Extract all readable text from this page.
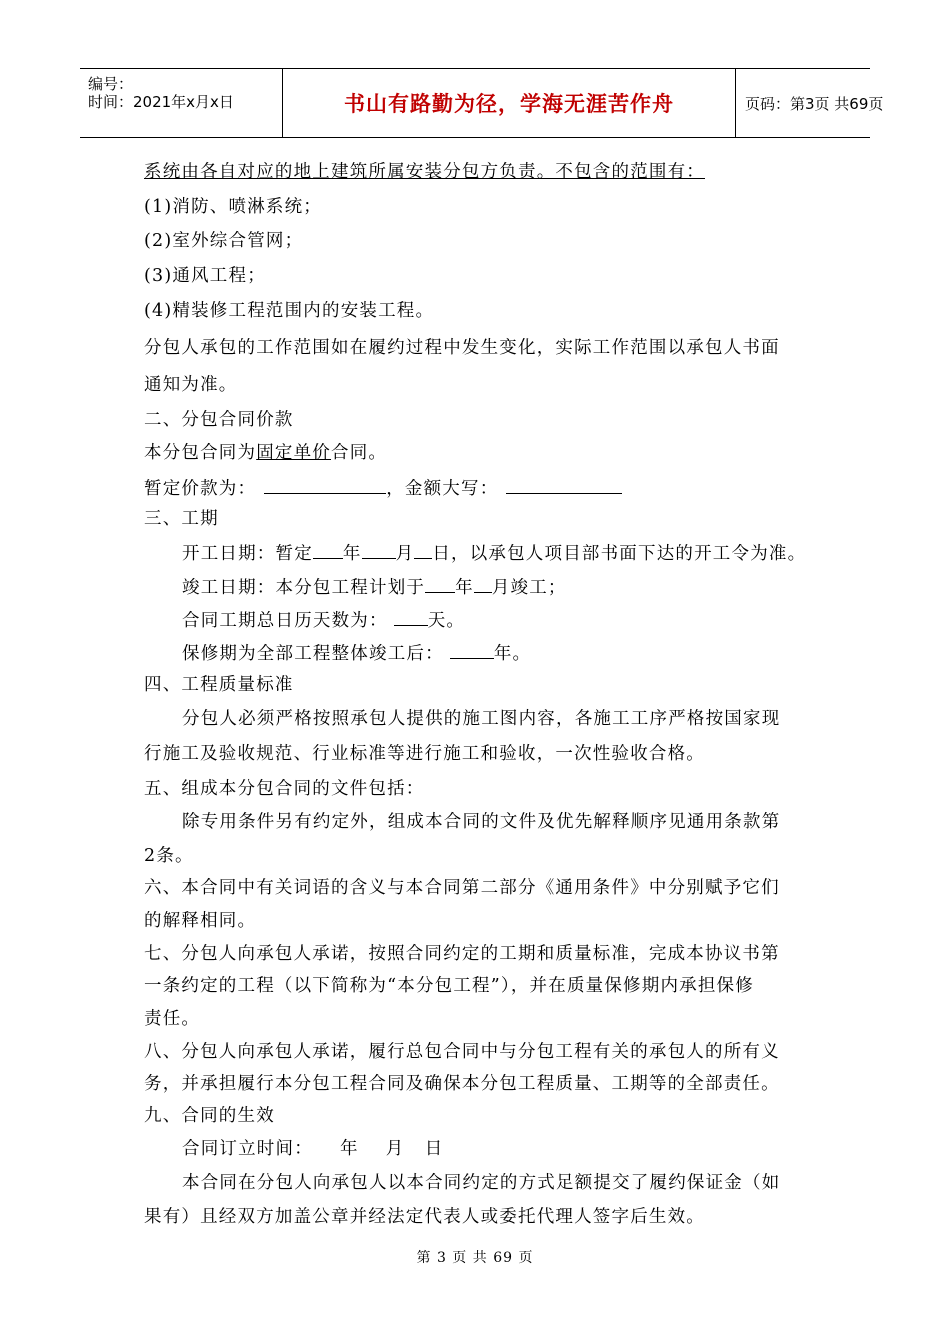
编号：
时间：2021年x月x日	书山有路勤为径，学海无涯苦作舟	页码：第3页 共69页
系统由各自对应的地上建筑所属安装分包方负责。不包含的范围有：
(1)消防、喷淋系统；
(2)室外综合管网；
(3)通风工程；
(4)精装修工程范围内的安装工程。
分包人承包的工作范围如在履约过程中发生变化，实际工作范围以承包人书面
通知为准。
二、分包合同价款
本分包合同为固定单价合同。
暂定价款为：	，金额大写：
三、工期
开工日期：暂定 年 月 日，以承包人项目部书面下达的开工令为准。
竣工日期：本分包工程计划于 年 月竣工；
合同工期总日历天数为： 天。
保修期为全部工程整体竣工后：	年。
四、工程质量标准
分包人必须严格按照承包人提供的施工图内容，各施工工序严格按国家现
行施工及验收规范、行业标准等进行施工和验收，一次性验收合格。
五、组成本分包合同的文件包括：
除专用条件另有约定外，组成本合同的文件及优先解释顺序见通用条款第
2条。
六、本合同中有关词语的含义与本合同第二部分《通用条件》中分别赋予它们
的解释相同。
七、分包人向承包人承诺，按照合同约定的工期和质量标准，完成本协议书第
一条约定的工程（以下简称为“本分包工程”），并在质量保修期内承担保修
责任。
八、分包人向承包人承诺，履行总包合同中与分包工程有关的承包人的所有义
务，并承担履行本分包工程合同及确保本分包工程质量、工期等的全部责任。
九、合同的生效
合同订立时间：    年    月   日
本合同在分包人向承包人以本合同约定的方式足额提交了履约保证金（如
果有）且经双方加盖公章并经法定代表人或委托代理人签字后生效。
第 3 页 共 69 页
